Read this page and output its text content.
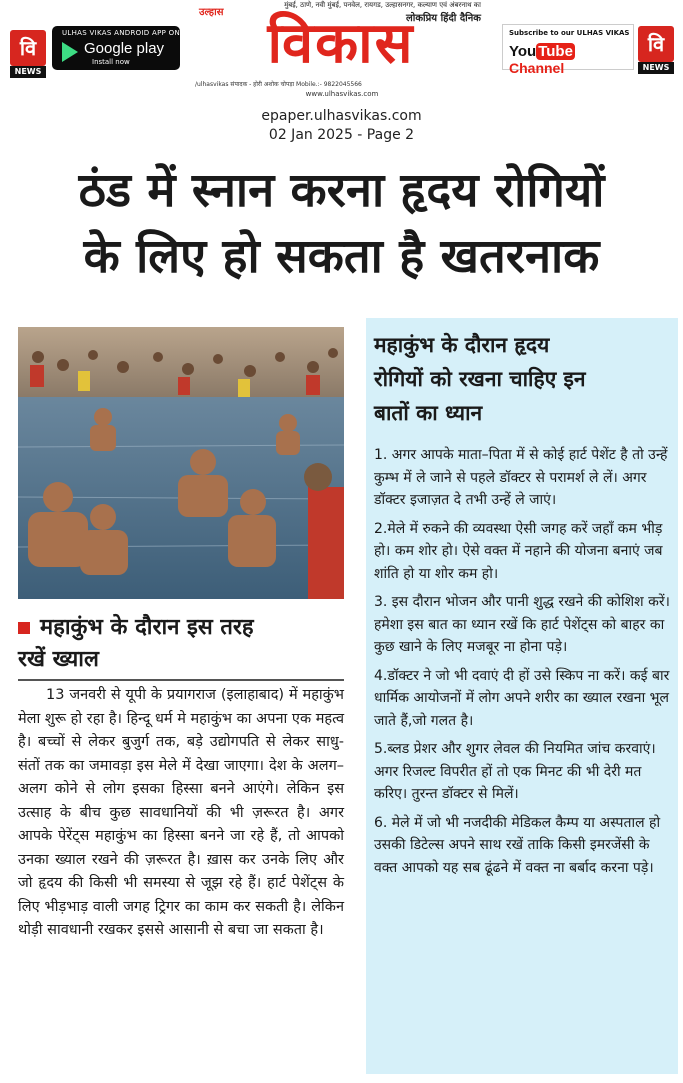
वि
NEWS
ULHAS VIKAS ANDROID APP ON
Google play
Install now
मुंबई, ठाणे, नवी मुंबई, पनवेल, रायगड, उल्हासनगर, कल्याण एवं अंबरनाथ का
लोकप्रिय हिंदी दैनिक
उल्हास विकास
/ulhasvikas संपादक - होरी अशोक चोपड़ा Mobile.:- 9822045566
www.ulhasvikas.com
Subscribe to our ULHAS VIKAS
You Tube Channel
वि
NEWS
epaper.ulhasvikas.com
02 Jan 2025 - Page 2
ठंड में स्नान करना हृदय रोगियों
के लिए हो सकता है खतरनाक
महाकुंभ के दौरान इस तरह
रखें ख्याल
13 जनवरी से यूपी के प्रयागराज (इलाहाबाद) में महाकुंभ मेला शुरू हो रहा है। हिन्दू धर्म मे महाकुंभ का अपना एक महत्व है। बच्चों से लेकर बुजुर्ग तक, बड़े उद्योगपति से लेकर साधु- संतों तक का जमावड़ा इस मेले में देखा जाएगा। देश के अलग–अलग कोने से लोग इसका हिस्सा बनने आएंगे। लेकिन इस उत्साह के बीच कुछ सावधानियों की भी ज़रूरत है। अगर आपके पेरेंट्स महाकुंभ का हिस्सा बनने जा रहे हैं, तो आपको उनका ख्याल रखने की ज़रूरत है। ख़ास कर उनके लिए और जो हृदय की किसी भी समस्या से जूझ रहे हैं। हार्ट पेशेंट्स के लिए भीड़भाड़ वाली जगह ट्रिगर का काम कर सकती है। लेकिन थोड़ी सावधानी रखकर इससे आसानी से बचा जा सकता है।
महाकुंभ के दौरान हृदय
रोगियों को रखना चाहिए इन
बातों का ध्यान
1. अगर आपके माता–पिता में से कोई हार्ट पेशेंट है तो उन्हें कुम्भ में ले जाने से पहले डॉक्टर से परामर्श ले लें। अगर डॉक्टर इजाज़त दे तभी उन्हें ले जाएं।
2.मेले में रुकने की व्यवस्था ऐसी जगह करें जहाँ कम भीड़ हो। कम शोर हो। ऐसे वक्त में नहाने की योजना बनाएं जब शांति हो या शोर कम हो।
3. इस दौरान भोजन और पानी शुद्ध रखने की कोशिश करें। हमेशा इस बात का ध्यान रखें कि हार्ट पेशेंट्स को बाहर का कुछ खाने के लिए मजबूर ना होना पड़े।
4.डॉक्टर ने जो भी दवाएं दी हों उसे स्किप ना करें। कई बार धार्मिक आयोजनों में लोग अपने शरीर का ख्याल रखना भूल जाते हैं,जो गलत है।
5.ब्लड प्रेशर और शुगर लेवल की नियमित जांच करवाएं। अगर रिजल्ट विपरीत हों तो एक मिनट की भी देरी मत करिए। तुरन्त डॉक्टर से मिलें।
6. मेले में जो भी नजदीकी मेडिकल कैम्प या अस्पताल हो उसकी डिटेल्स अपने साथ रखें ताकि किसी इमरजेंसी के वक्त आपको यह सब ढूंढने में वक्त ना बर्बाद करना पड़े।
